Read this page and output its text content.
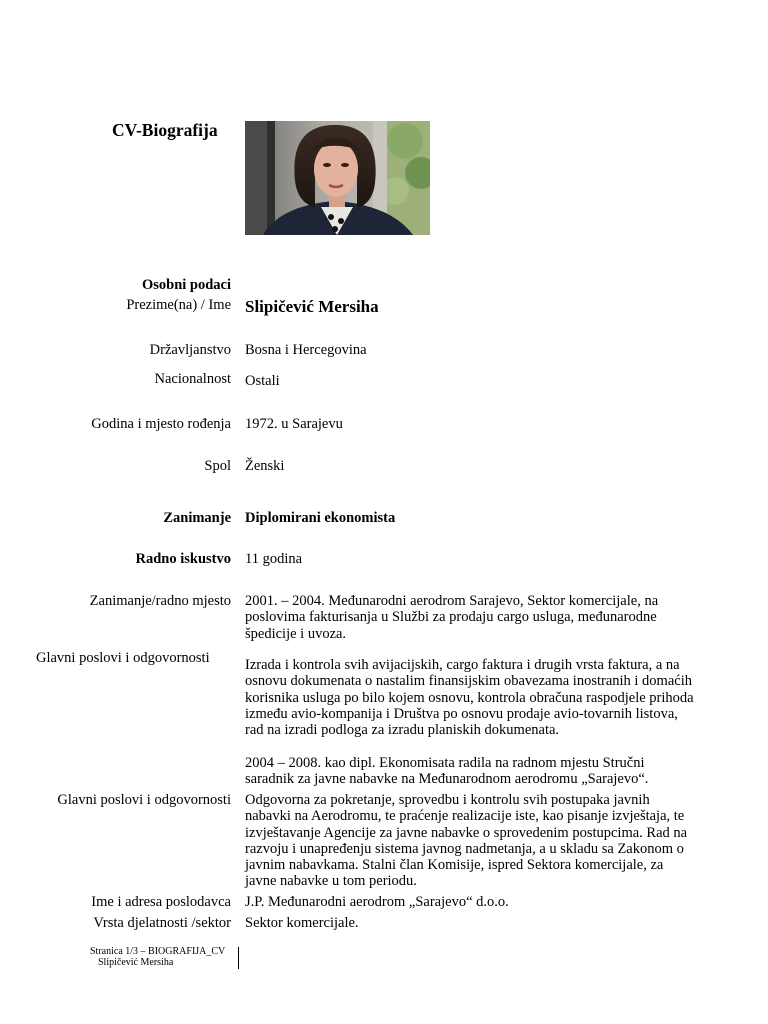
CV-Biografija
Osobni podaci
Prezime(na) / Ime Slipičević Mersiha
Državljanstvo Bosna i Hercegovina
Nacionalnost Ostali
Godina i mjesto rođenja 1972. u Sarajevu
Spol Ženski
Zanimanje Diplomirani ekonomista
Radno iskustvo 11 godina
Zanimanje/radno mjesto 2001. – 2004. Međunarodni aerodrom Sarajevo, Sektor komercijale, na
poslovima fakturisanja u Službi za prodaju cargo usluga, međunarodne
špedicije i uvoza.
Glavni poslovi i odgovornosti Izrada i kontrola svih avijacijskih, cargo faktura i drugih vrsta faktura, a na
osnovu dokumenata o nastalim finansijskim obavezama inostranih i domaćih
korisnika usluga po bilo kojem osnovu, kontrola obračuna raspodjele prihoda
između avio-kompanija i Društva po osnovu prodaje avio-tovarnih listova,
rad na izradi podloga za izradu planiskih dokumenata.
2004 – 2008. kao dipl. Ekonomisata radila na radnom mjestu Stručni
saradnik za javne nabavke na Međunarodnom aerodromu „Sarajevo“.
Glavni poslovi i odgovornosti Odgovorna za pokretanje, sprovedbu i kontrolu svih postupaka javnih
nabavki na Aerodromu, te praćenje realizacije iste, kao pisanje izvještaja, te
izvještavanje Agencije za javne nabavke o sprovedenim postupcima. Rad na
razvoju i unapređenju sistema javnog nadmetanja, a u skladu sa Zakonom o
javnim nabavkama. Stalni član Komisije, ispred Sektora komercijale, za
javne nabavke u tom periodu.
Ime i adresa poslodavca J.P. Međunarodni aerodrom „Sarajevo“ d.o.o.
Vrsta djelatnosti /sektor Sektor komercijale.
Stranica 1/3 – BIOGRAFIJA_CV
Slipičević Mersiha
